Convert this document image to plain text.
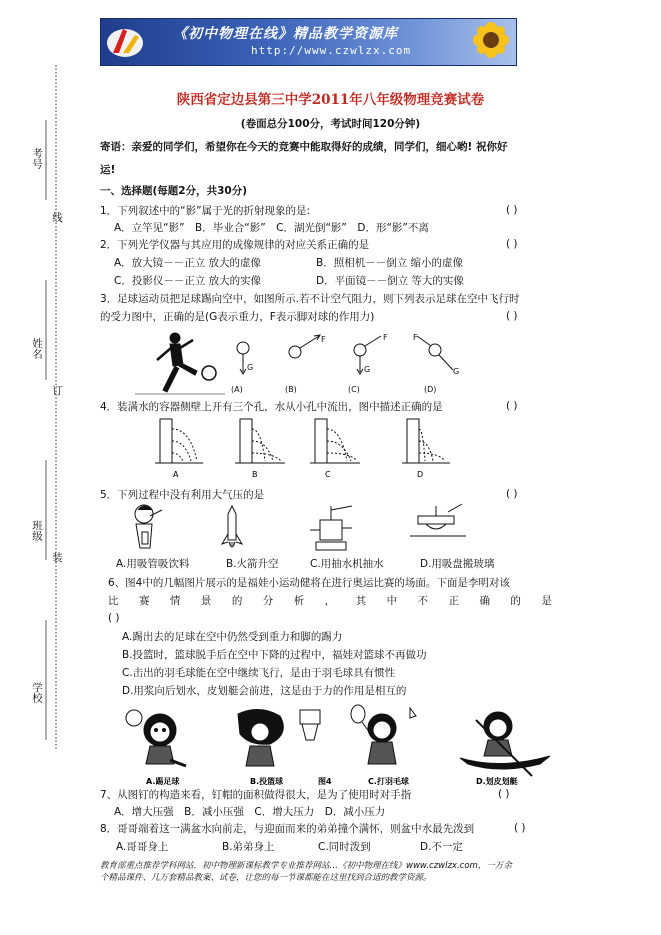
《初中物理在线》精品教学资源库
http://www.czwlzx.com
陕西省定边县第三中学2011年八年级物理竞赛试卷
(卷面总分100分，考试时间120分钟)
考号
线
姓名
订
班级
装
学校
寄语：亲爱的同学们，希望你在今天的竞赛中能取得好的成绩，同学们，细心哟! 祝你好
运!
一、选择题(每题2分，共30分)
1．下列叙述中的“影”属于光的折射现象的是:	( )
A．立竿见“影”　B．毕业合“影”　C．湖光倒“影”　D．形“影”不离
2．下列光学仪器与其应用的成像规律的对应关系正确的是	( )
A．放大镜－－正立 放大的虚像	B．照相机－－倒立 缩小的虚像
C．投影仪－－正立 放大的实像	D．平面镜－－倒立 等大的实像
3．足球运动员把足球踢向空中，如图所示.若不计空气阻力，则下列表示足球在空中飞行时
的受力图中，正确的是(G表示重力，F表示脚对球的作用力)	( )
G
(A)
F
(B)
G
F
(C)
F
G
(D)
4．装满水的容器侧壁上开有三个孔，水从小孔中流出，图中描述正确的是	( )
A	B	C	D
5．下列过程中没有利用大气压的是	( )
A.用吸管吸饮料	B.火箭升空	C.用抽水机抽水	D.用吸盘搬玻璃
6、图4中的几幅图片展示的是福娃小运动健将在进行奥运比赛的场面。下面是李明对该
比 赛 情 景 的 分 析 ， 其 中 不 正 确 的 是
( )
A.踢出去的足球在空中仍然受到重力和脚的踢力
B.投篮时，篮球脱手后在空中下降的过程中，福娃对篮球不再做功
C.击出的羽毛球能在空中继续飞行，是由于羽毛球具有惯性
D.用浆向后划水，皮划艇会前进，这是由于力的作用是相互的
A.踢足球	B.投篮球	图4	C.打羽毛球	D.划皮划艇
7、从图钉的构造来看，钉帽的面积做得很大，是为了使用时对手指	( )
A．增大压强　B．减小压强　C．增大压力　D．减小压力
8．哥哥端着这一满盆水向前走，与迎面而来的弟弟撞个满怀，则盆中水最先泼到	( )
A.哥哥身上	B.弟弟身上	C.同时泼到	D.不一定
教育部重点推荐学科网站．初中物理新课标教学专业推荐网站…《初中物理在线》www.czwlzx.com，一万余
个精品课件、几万套精品教案、试卷，让您的每一节课都能在这里找到合适的教学资源。
